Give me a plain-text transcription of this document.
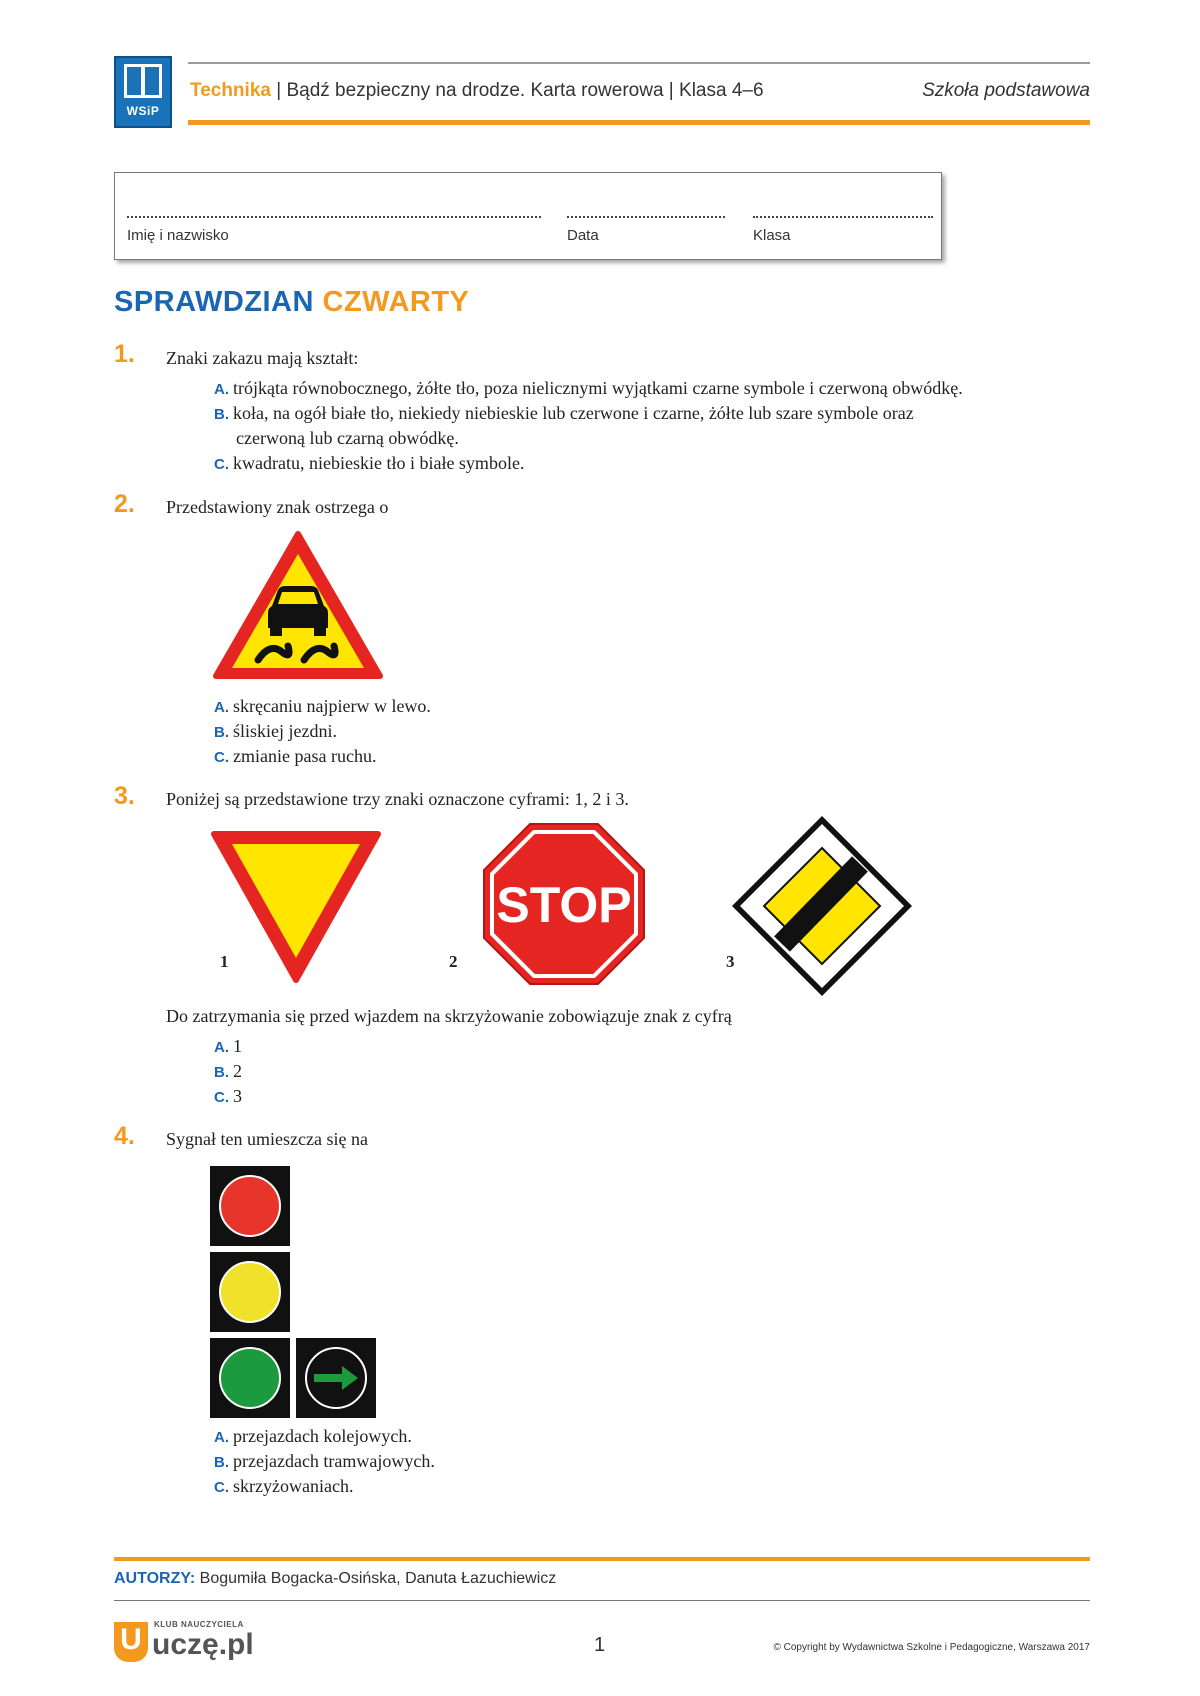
WSiP
Technika | Bądź bezpieczny na drodze. Karta rowerowa | Klasa 4–6	Szkoła podstawowa
Imię i nazwisko	Data	Klasa
SPRAWDZIAN CZWARTY
1. Znaki zakazu mają kształt:
A. trójkąta równobocznego, żółte tło, poza nielicznymi wyjątkami czarne symbole i czerwoną obwódkę.
B. koła, na ogół białe tło, niekiedy niebieskie lub czerwone i czarne, żółte lub szare symbole oraz
czerwoną lub czarną obwódkę.
C. kwadratu, niebieskie tło i białe symbole.
2. Przedstawiony znak ostrzega o
A. skręcaniu najpierw w lewo.
B. śliskiej jezdni.
C. zmianie pasa ruchu.
3. Poniżej są przedstawione trzy znaki oznaczone cyframi: 1, 2 i 3.
1
STOP
2	3
Do zatrzymania się przed wjazdem na skrzyżowanie zobowiązuje znak z cyfrą
A. 1
B. 2
C. 3
4. Sygnał ten umieszcza się na
A. przejazdach kolejowych.
B. przejazdach tramwajowych.
C. skrzyżowaniach.
AUTORZY: Bogumiła Bogacka-Osińska, Danuta Łazuchiewicz
U	KLUB NAUCZYCIELA
uczę.pl	1	© Copyright by Wydawnictwa Szkolne i Pedagogiczne, Warszawa 2017
